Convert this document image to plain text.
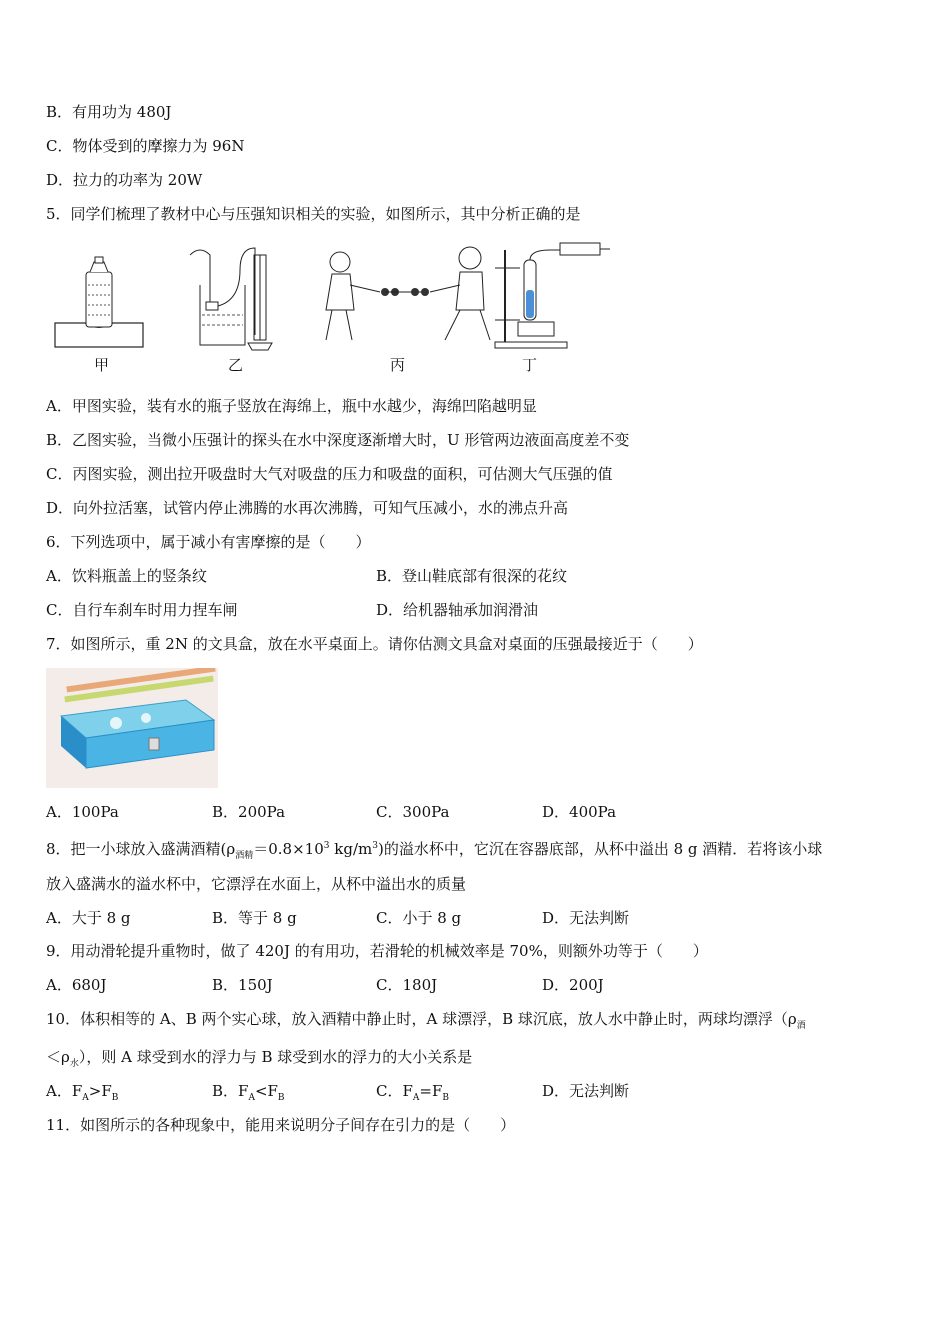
B．有用功为 480J
C．物体受到的摩擦力为 96N
D．拉力的功率为 20W
5．同学们梳理了教材中心与压强知识相关的实验，如图所示，其中分析正确的是
甲	乙	丙	丁
A．甲图实验，装有水的瓶子竖放在海绵上，瓶中水越少，海绵凹陷越明显
B．乙图实验，当微小压强计的探头在水中深度逐渐增大时，U 形管两边液面高度差不变
C．丙图实验，测出拉开吸盘时大气对吸盘的压力和吸盘的面积，可估测大气压强的值
D．向外拉活塞，试管内停止沸腾的水再次沸腾，可知气压减小，水的沸点升高
6．下列选项中，属于减小有害摩擦的是（　　）
A．饮料瓶盖上的竖条纹	B．登山鞋底部有很深的花纹
C．自行车刹车时用力捏车闸	D．给机器轴承加润滑油
7．如图所示，重 2N 的文具盒，放在水平桌面上。请你估测文具盒对桌面的压强最接近于（　　）
A．100Pa	B．200Pa	C．300Pa	D．400Pa
8．把一小球放入盛满酒精($\rho_{酒精}=0.8\times 10^3$ $kg/m^3$)的溢水杯中，它沉在容器底部，从杯中溢出 8 g 酒精．若将该小球
放入盛满水的溢水杯中，它漂浮在水面上，从杯中溢出水的质量
A．大于 8 g	B．等于 8 g	C．小于 8 g	D．无法判断
9．用动滑轮提升重物时，做了 420J 的有用功，若滑轮的机械效率是 70%，则额外功等于（　　）
A．680J	B．150J	C．180J	D．200J
10．体积相等的 A、B 两个实心球，放入酒精中静止时，A 球漂浮，B 球沉底，放人水中静止时，两球均漂浮（$\rho_酒$
$<\rho_水$），则 A 球受到水的浮力与 B 球受到水的浮力的大小关系是
A．$F_A>F_B$	B．$F_A<F_B$	C．$F_A=F_B$	D．无法判断
11．如图所示的各种现象中，能用来说明分子间存在引力的是（　　）
